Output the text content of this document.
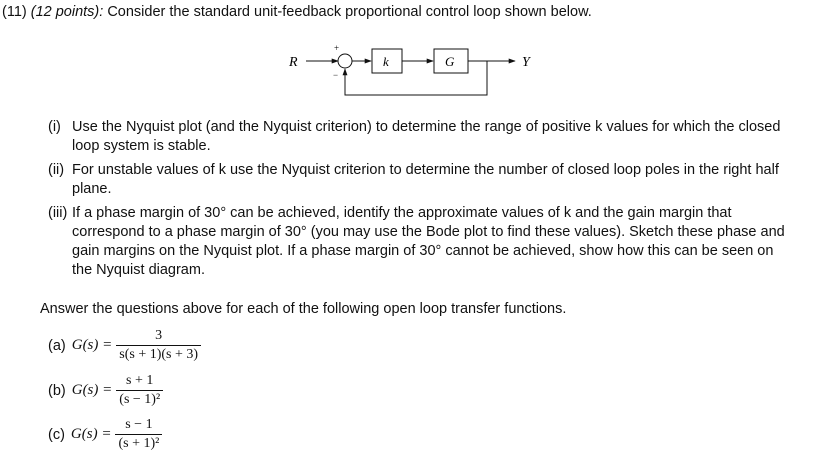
(11) (12 points): Consider the standard unit-feedback proportional control loop shown below.
R
+
−
k	G	Y
(i) Use the Nyquist plot (and the Nyquist criterion) to determine the range of positive k values for which the closed loop system is stable.
(ii) For unstable values of k use the Nyquist criterion to determine the number of closed loop poles in the right half plane.
(iii) If a phase margin of 30° can be achieved, identify the approximate values of k and the gain margin that correspond to a phase margin of 30° (you may use the Bode plot to find these values). Sketch these phase and gain margins on the Nyquist plot. If a phase margin of 30° cannot be achieved, show how this can be seen on the Nyquist diagram.
Answer the questions above for each of the following open loop transfer functions.
(a) $G(s) = \frac{3}{s(s + 1)(s + 3)}$
(b) $G(s) = \frac{s + 1}{\text{(s − 1)²}}$
(c) $G(s) = \frac{s - 1}{\text{(s + 1)²}}$
